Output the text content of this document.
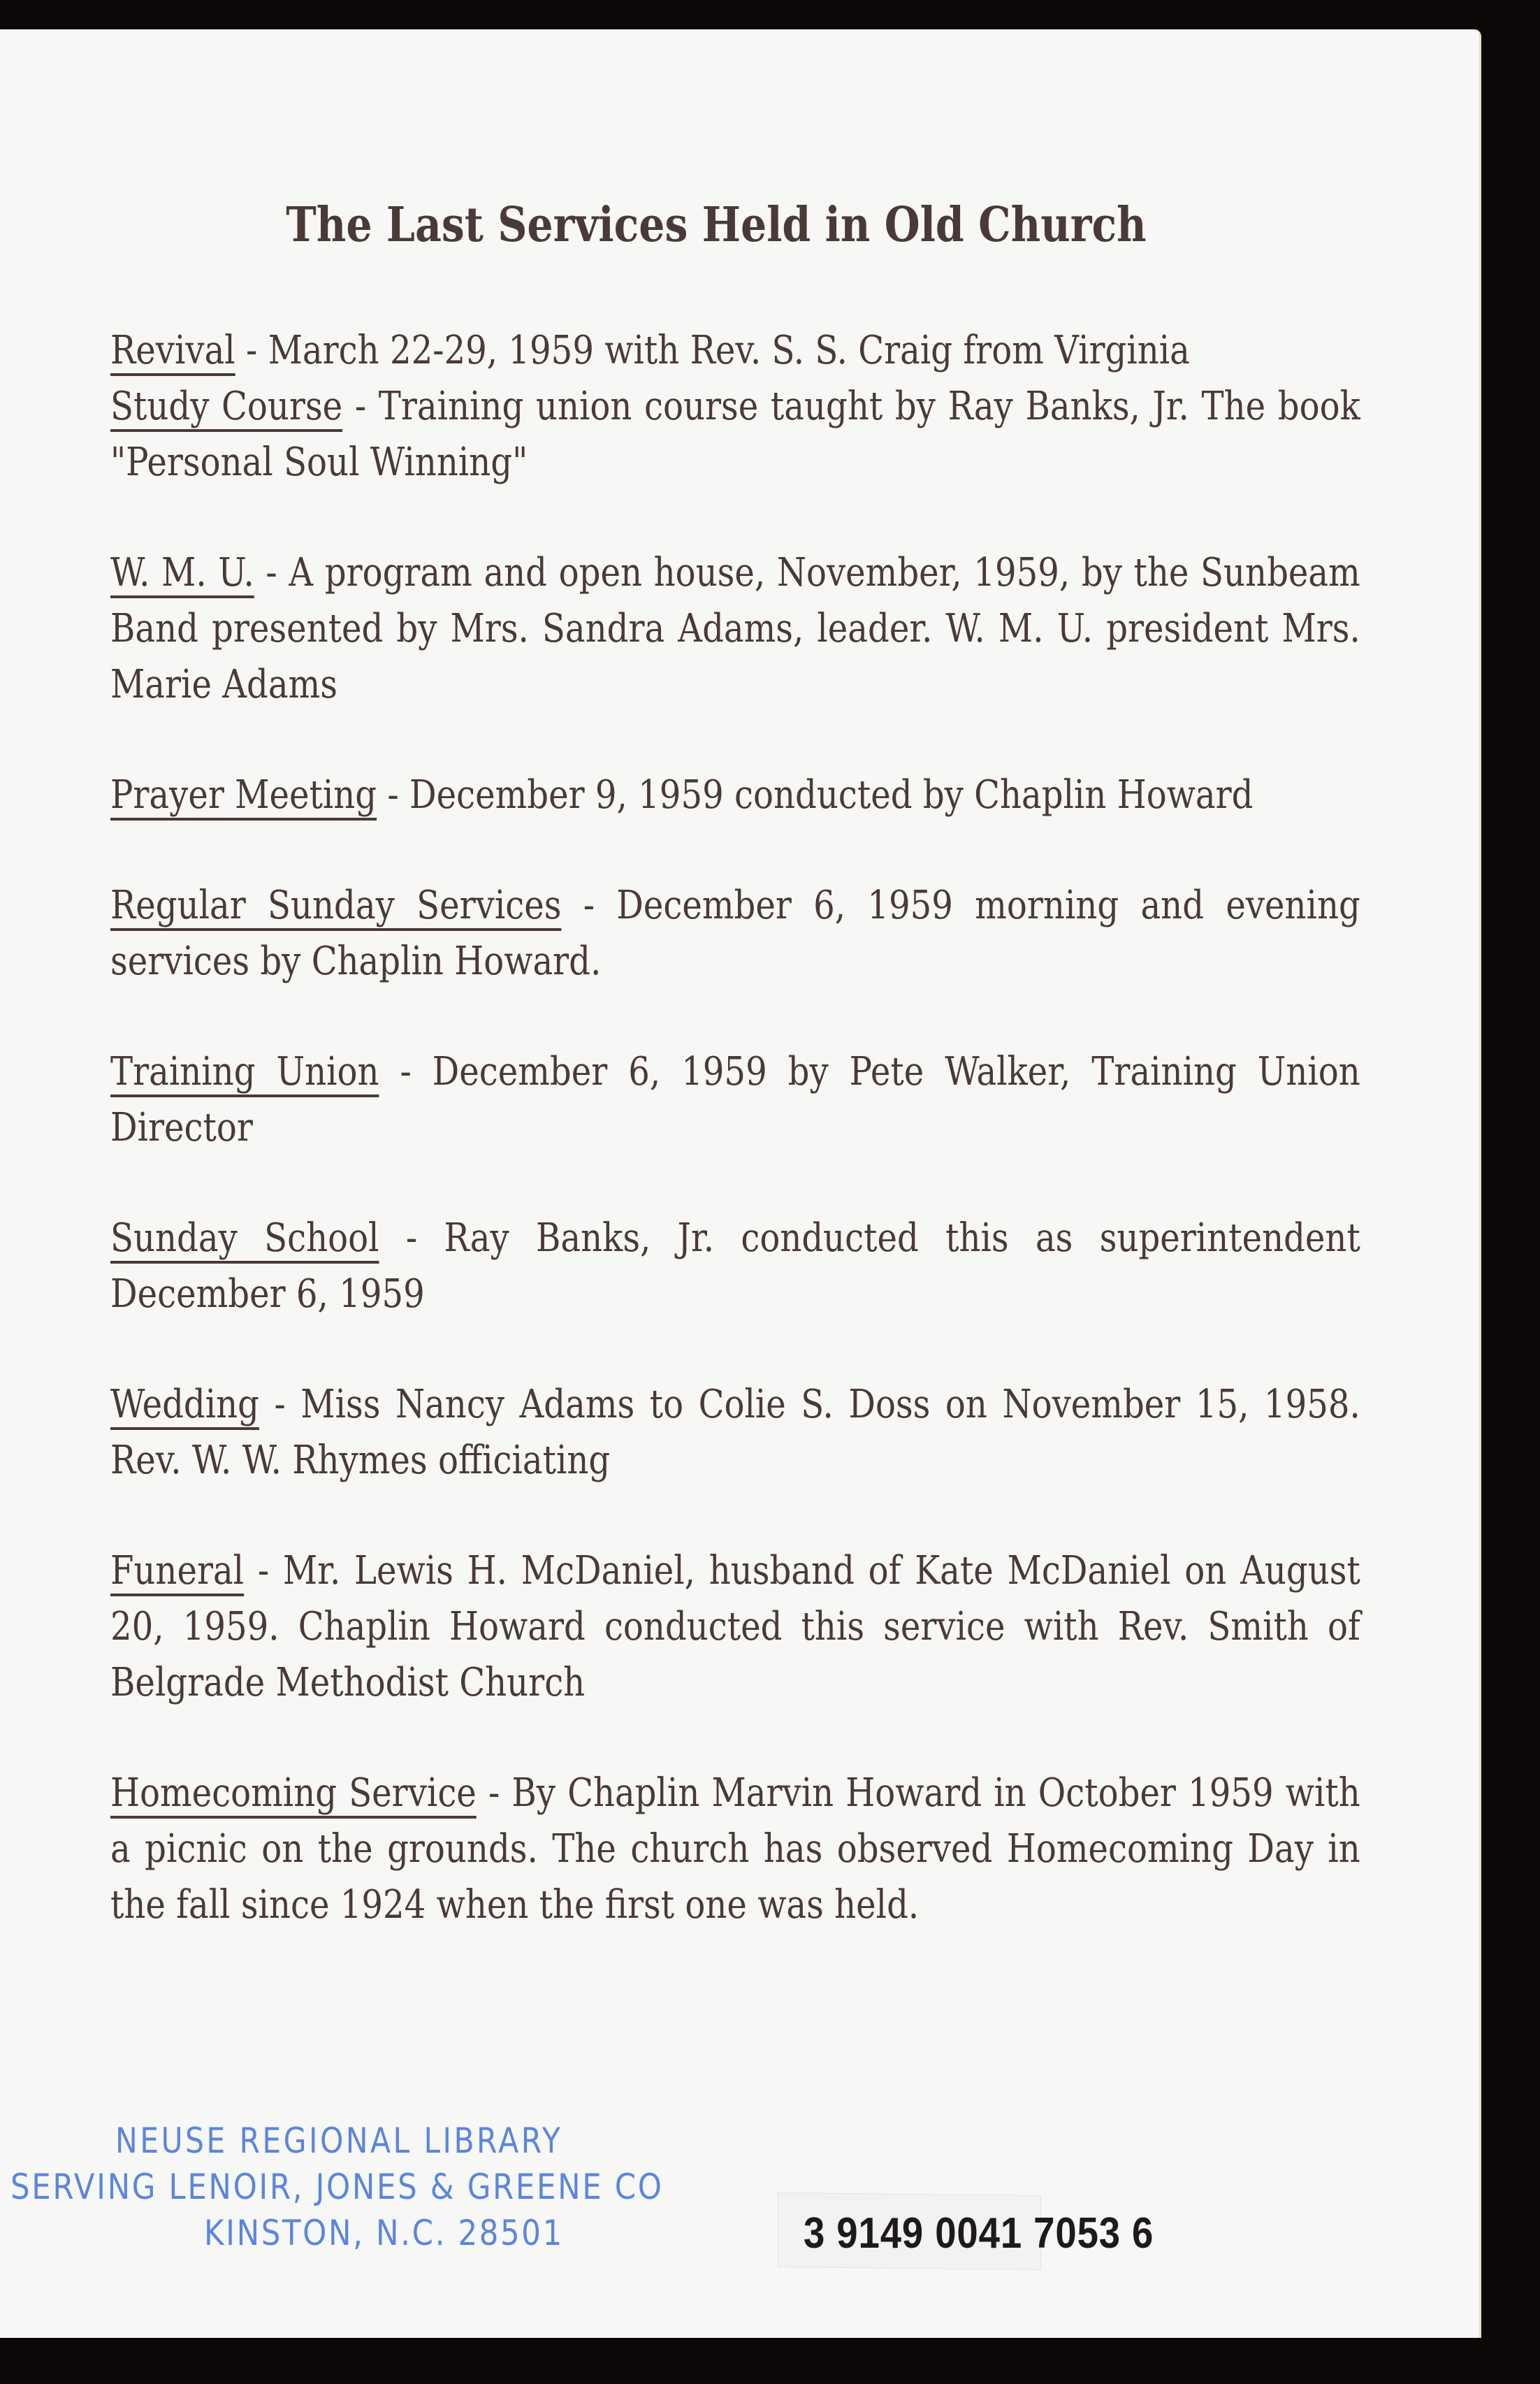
The Last Services Held in Old Church
Revival - March 22-29, 1959 with Rev. S. S. Craig from Virginia
Study Course - Training union course taught by Ray Banks, Jr. The book "Personal Soul Winning"
W. M. U. - A program and open house, November, 1959, by the Sunbeam Band presented by Mrs. Sandra Adams, leader. W. M. U. president Mrs. Marie Adams
Prayer Meeting - December 9, 1959 conducted by Chaplin Howard
Regular Sunday Services - December 6, 1959 morning and evening services by Chaplin Howard.
Training Union - December 6, 1959 by Pete Walker, Training Union Director
Sunday School - Ray Banks, Jr. conducted this as superintendent December 6, 1959
Wedding - Miss Nancy Adams to Colie S. Doss on November 15, 1958. Rev. W. W. Rhymes officiating
Funeral - Mr. Lewis H. McDaniel, husband of Kate McDaniel on August 20, 1959. Chaplin Howard conducted this service with Rev. Smith of Belgrade Methodist Church
Homecoming Service - By Chaplin Marvin Howard in October 1959 with a picnic on the grounds. The church has observed Homecoming Day in the fall since 1924 when the first one was held.
NEUSE REGIONAL LIBRARY
SERVING LENOIR, JONES & GREENE CO
KINSTON, N.C. 28501	3 9149 0041 7053 6
